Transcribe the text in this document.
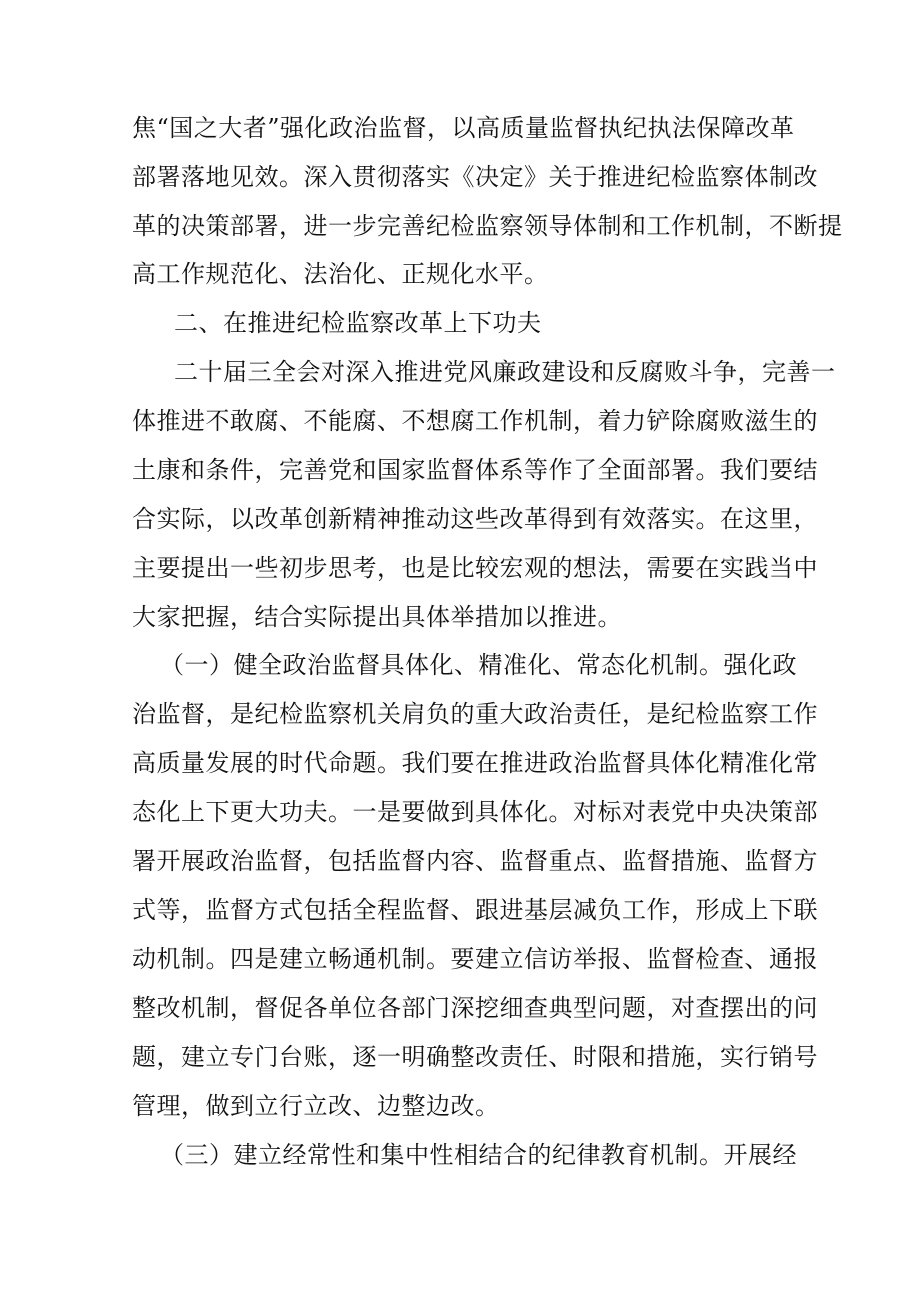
焦“国之大者”强化政治监督，以高质量监督执纪执法保障改革

部署落地见效。深入贯彻落实《决定》关于推进纪检监察体制改

革的决策部署，进一步完善纪检监察领导体制和工作机制，不断提

高工作规范化、法治化、正规化水平。

二、在推进纪检监察改革上下功夫

二十届三全会对深入推进党风廉政建设和反腐败斗争，完善一

体推进不敢腐、不能腐、不想腐工作机制，着力铲除腐败滋生的

土康和条件，完善党和国家监督体系等作了全面部署。我们要结

合实际，以改革创新精神推动这些改革得到有效落实。在这里，

主要提出一些初步思考，也是比较宏观的想法，需要在实践当中

大家把握，结合实际提出具体举措加以推进。

（一）健全政治监督具体化、精准化、常态化机制。强化政

治监督，是纪检监察机关肩负的重大政治责任，是纪检监察工作

高质量发展的时代命题。我们要在推进政治监督具体化精准化常

态化上下更大功夫。一是要做到具体化。对标对表党中央决策部

署开展政治监督，包括监督内容、监督重点、监督措施、监督方

式等，监督方式包括全程监督、跟进基层减负工作，形成上下联

动机制。四是建立畅通机制。要建立信访举报、监督检查、通报

整改机制，督促各单位各部门深挖细查典型问题，对查摆出的问

题，建立专门台账，逐一明确整改责任、时限和措施，实行销号

管理，做到立行立改、边整边改。

（三）建立经常性和集中性相结合的纪律教育机制。开展经
